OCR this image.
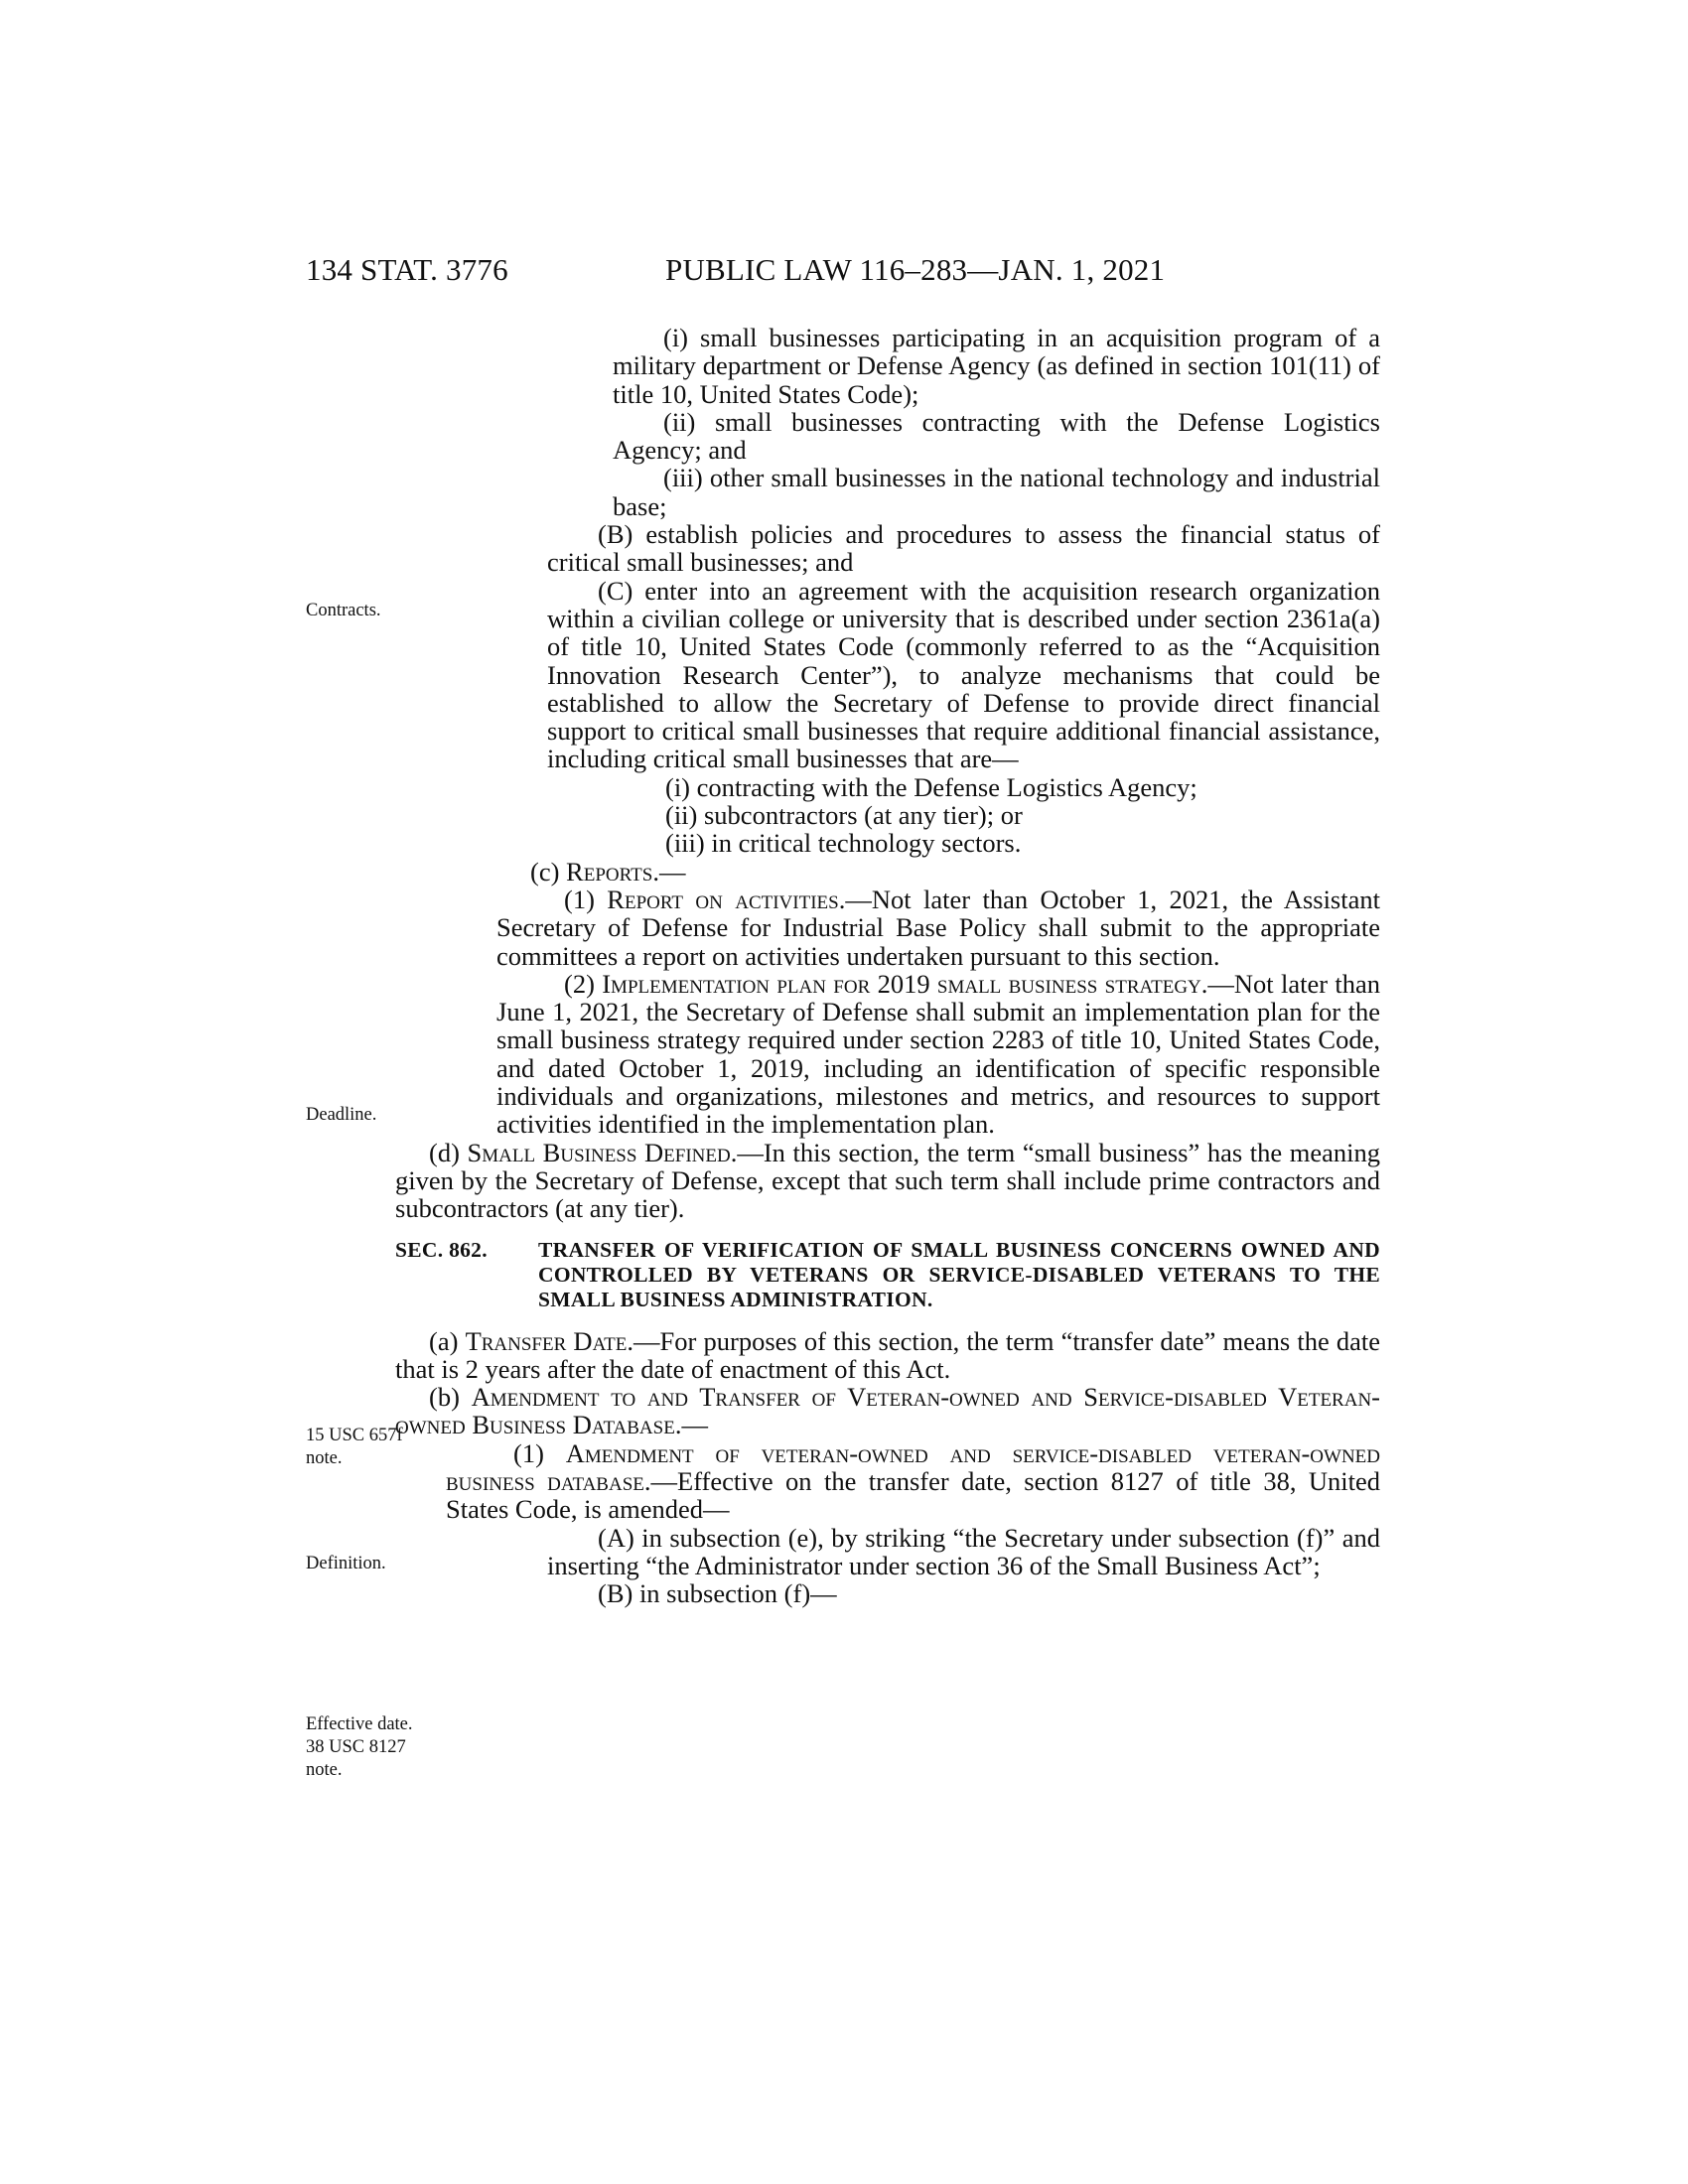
134 STAT. 3776	PUBLIC LAW 116–283—JAN. 1, 2021
Contracts.
Deadline.
15 USC 657f
note.
Definition.
Effective date.
38 USC 8127
note.

(i) small businesses participating in an acquisition program of a military department or Defense Agency (as defined in section 101(11) of title 10, United States Code);

(ii) small businesses contracting with the Defense Logistics Agency; and

(iii) other small businesses in the national technology and industrial base;

(B) establish policies and procedures to assess the financial status of critical small businesses; and

(C) enter into an agreement with the acquisition research organization within a civilian college or university that is described under section 2361a(a) of title 10, United States Code (commonly referred to as the “Acquisition Innovation Research Center”), to analyze mechanisms that could be established to allow the Secretary of Defense to provide direct financial support to critical small businesses that require additional financial assistance, including critical small businesses that are—

(i) contracting with the Defense Logistics Agency;

(ii) subcontractors (at any tier); or

(iii) in critical technology sectors.

(c) Reports.—

(1) Report on activities.—Not later than October 1, 2021, the Assistant Secretary of Defense for Industrial Base Policy shall submit to the appropriate committees a report on activities undertaken pursuant to this section.

(2) Implementation plan for 2019 small business strategy.—Not later than June 1, 2021, the Secretary of Defense shall submit an implementation plan for the small business strategy required under section 2283 of title 10, United States Code, and dated October 1, 2019, including an identification of specific responsible individuals and organizations, milestones and metrics, and resources to support activities identified in the implementation plan.

(d) Small Business Defined.—In this section, the term “small business” has the meaning given by the Secretary of Defense, except that such term shall include prime contractors and subcontractors (at any tier).

SEC. 862.	TRANSFER OF VERIFICATION OF SMALL BUSINESS CONCERNS OWNED AND CONTROLLED BY VETERANS OR SERVICE-DISABLED VETERANS TO THE SMALL BUSINESS ADMINISTRATION.

(a) Transfer Date.—For purposes of this section, the term “transfer date” means the date that is 2 years after the date of enactment of this Act.

(b) Amendment to and Transfer of Veteran-owned and Service-disabled Veteran-owned Business Database.—

(1) Amendment of veteran-owned and service-disabled veteran-owned business database.—Effective on the transfer date, section 8127 of title 38, United States Code, is amended—

(A) in subsection (e), by striking “the Secretary under subsection (f)” and inserting “the Administrator under section 36 of the Small Business Act”;

(B) in subsection (f)—
